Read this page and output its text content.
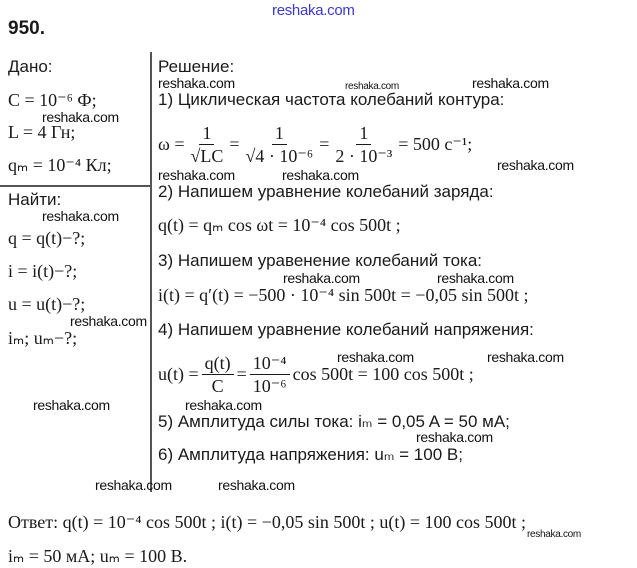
reshaka.com
950.
Дано:
C = 10⁻⁶ Ф;
L = 4 Гн;
qₘ = 10⁻⁴ Кл;
Найти:
q = q(t)−?;
i = i(t)−?;
u = u(t)−?;
iₘ; uₘ−?;
Решение:
1) Циклическая частота колебаний контура:
$\omega = \frac{1}{√LC} = \frac{1}{\text{√4 · 10⁻⁶}} = \frac{1}{\text{2 · 10⁻³}} = 500$ с⁻¹;
2) Напишем уравнение колебаний заряда:
q(t) = qₘ cos ωt = 10⁻⁴ cos 500t ;
3) Напишем уравенение колебаний тока:
i(t) = q′(t) = −500 · 10⁻⁴ sin 500t = −0,05 sin 500t ;
4) Напишем уравнение колебаний напряжения:
$u(t) = \frac{q(t)}{C} = \frac{\text{10⁻⁴}}{\text{10⁻⁶}}$ cos 500t = 100 cos 500t ;
5) Амплитуда силы тока: iₘ = 0,05 A = 50 мА;
6) Амплитуда напряжения: uₘ = 100 В;
Ответ: q(t) = 10⁻⁴ cos 500t ; i(t) = −0,05 sin 500t ; u(t) = 100 cos 500t ;
iₘ = 50 мА; uₘ = 100 В.
reshaka.com	reshaka.com	reshaka.com
reshaka.com
reshaka.com
reshaka.com	reshaka.com
reshaka.com
reshaka.com	reshaka.com
reshaka.com
reshaka.com	reshaka.com
reshaka.com	reshaka.com
reshaka.com
reshaka.com	reshaka.com
reshaka.com
